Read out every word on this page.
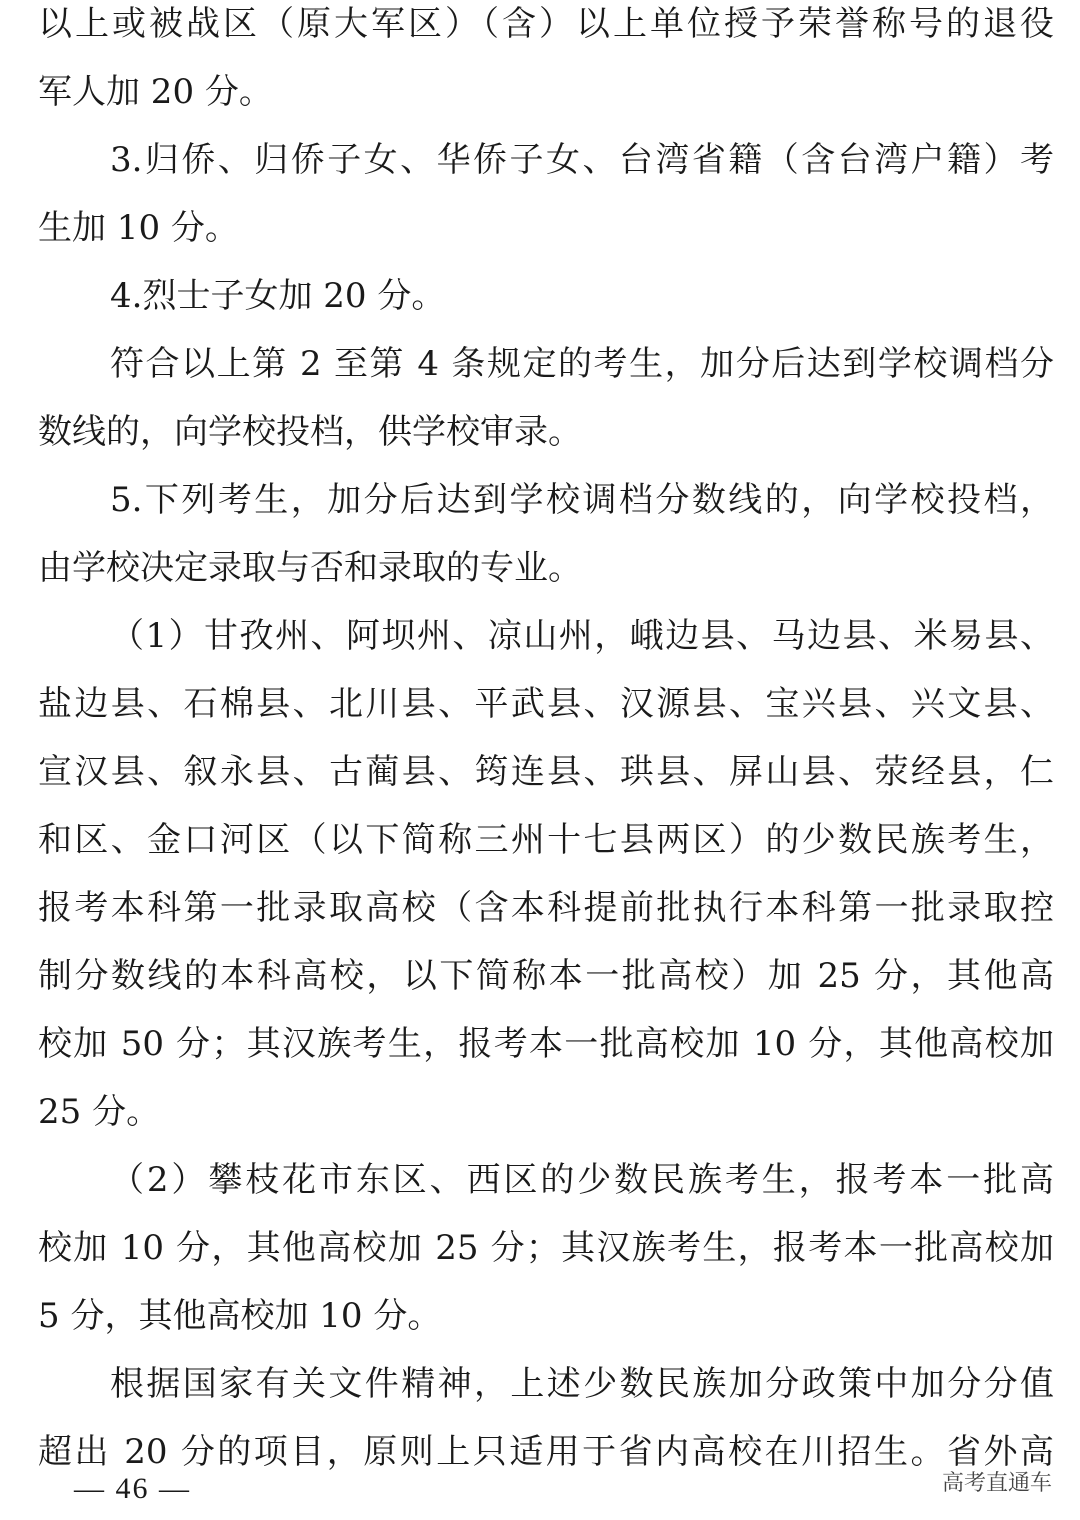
以上或被战区（原大军区）（含）以上单位授予荣誉称号的退役
军人加 20 分。
3.归侨、归侨子女、华侨子女、台湾省籍（含台湾户籍）考
生加 10 分。
4.烈士子女加 20 分。
符合以上第 2 至第 4 条规定的考生，加分后达到学校调档分
数线的，向学校投档，供学校审录。
5.下列考生，加分后达到学校调档分数线的，向学校投档，
由学校决定录取与否和录取的专业。
（1）甘孜州、阿坝州、凉山州，峨边县、马边县、米易县、
盐边县、石棉县、北川县、平武县、汉源县、宝兴县、兴文县、
宣汉县、叙永县、古蔺县、筠连县、珙县、屏山县、荥经县，仁
和区、金口河区（以下简称三州十七县两区）的少数民族考生，
报考本科第一批录取高校（含本科提前批执行本科第一批录取控
制分数线的本科高校，以下简称本一批高校）加 25 分，其他高
校加 50 分；其汉族考生，报考本一批高校加 10 分，其他高校加
25 分。
（2）攀枝花市东区、西区的少数民族考生，报考本一批高
校加 10 分，其他高校加 25 分；其汉族考生，报考本一批高校加
5 分，其他高校加 10 分。
根据国家有关文件精神，上述少数民族加分政策中加分分值
超出 20 分的项目，原则上只适用于省内高校在川招生。省外高
— 46 —	高考直通车
